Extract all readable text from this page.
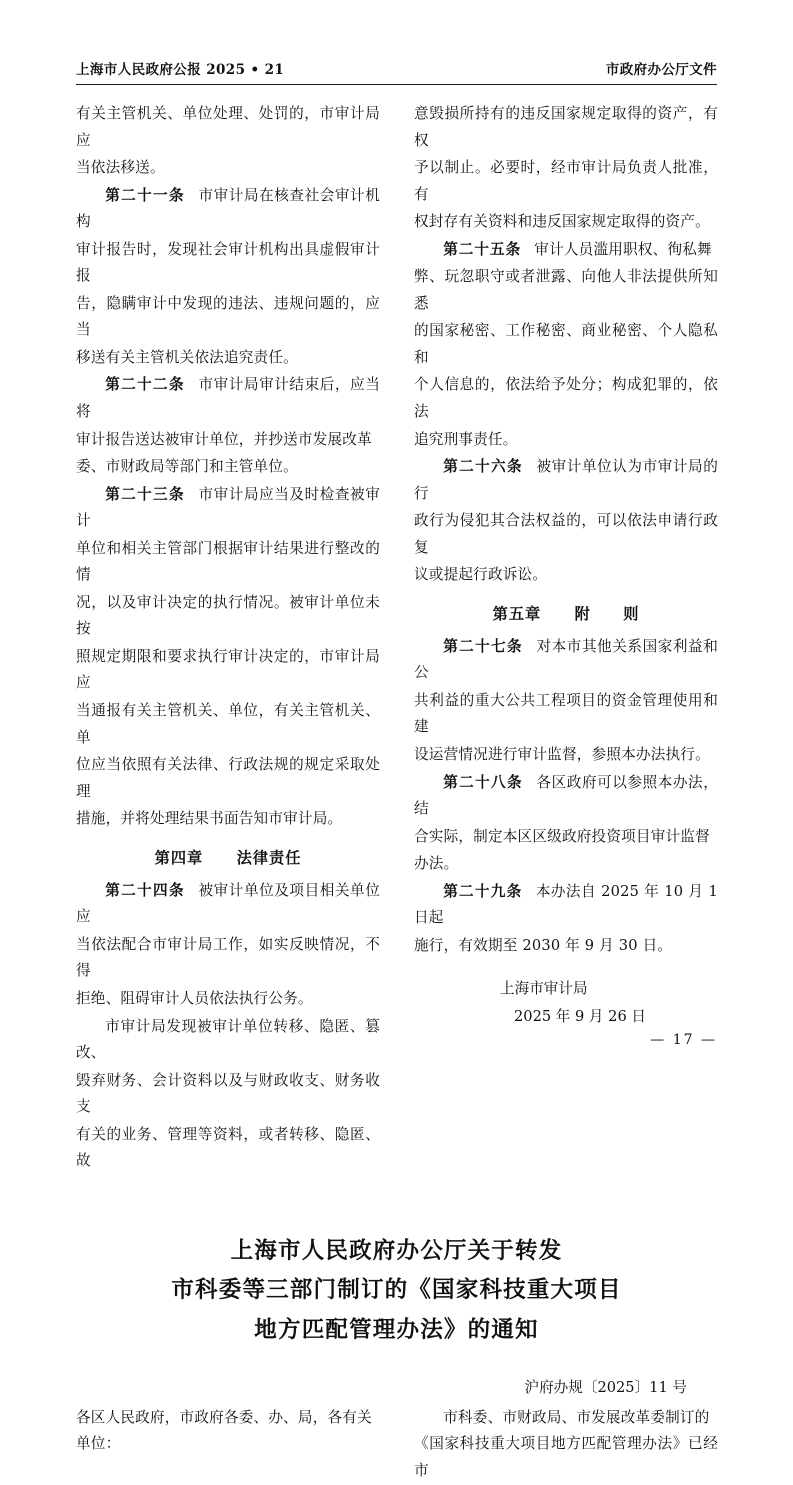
上海市人民政府公报 2025 • 21	市政府办公厅文件

有关主管机关、单位处理、处罚的，市审计局应

当依法移送。

第二十一条 市审计局在核查社会审计机构

审计报告时，发现社会审计机构出具虚假审计报

告，隐瞒审计中发现的违法、违规问题的，应当

移送有关主管机关依法追究责任。

第二十二条 市审计局审计结束后，应当将

审计报告送达被审计单位，并抄送市发展改革

委、市财政局等部门和主管单位。

第二十三条 市审计局应当及时检查被审计

单位和相关主管部门根据审计结果进行整改的情

况，以及审计决定的执行情况。被审计单位未按

照规定期限和要求执行审计决定的，市审计局应

当通报有关主管机关、单位，有关主管机关、单

位应当依照有关法律、行政法规的规定采取处理

措施，并将处理结果书面告知市审计局。

第四章 法律责任

第二十四条 被审计单位及项目相关单位应

当依法配合市审计局工作，如实反映情况，不得

拒绝、阻碍审计人员依法执行公务。

市审计局发现被审计单位转移、隐匿、篡改、

毁弃财务、会计资料以及与财政收支、财务收支

有关的业务、管理等资料，或者转移、隐匿、故

意毁损所持有的违反国家规定取得的资产，有权

予以制止。必要时，经市审计局负责人批准，有

权封存有关资料和违反国家规定取得的资产。

第二十五条 审计人员滥用职权、徇私舞

弊、玩忽职守或者泄露、向他人非法提供所知悉

的国家秘密、工作秘密、商业秘密、个人隐私和

个人信息的，依法给予处分；构成犯罪的，依法

追究刑事责任。

第二十六条 被审计单位认为市审计局的行

政行为侵犯其合法权益的，可以依法申请行政复

议或提起行政诉讼。

第五章 附　　则

第二十七条 对本市其他关系国家利益和公

共利益的重大公共工程项目的资金管理使用和建

设运营情况进行审计监督，参照本办法执行。

第二十八条 各区政府可以参照本办法，结

合实际，制定本区区级政府投资项目审计监督

办法。

第二十九条 本办法自 2025 年 10 月 1 日起

施行，有效期至 2030 年 9 月 30 日。

上海市审计局
2025 年 9 月 26 日
上海市人民政府办公厅关于转发
市科委等三部门制订的《国家科技重大项目
地方匹配管理办法》的通知
沪府办规〔2025〕11 号

各区人民政府，市政府各委、办、局，各有关

单位：

市科委、市财政局、市发展改革委制订的

《国家科技重大项目地方匹配管理办法》已经市

— 17 —
